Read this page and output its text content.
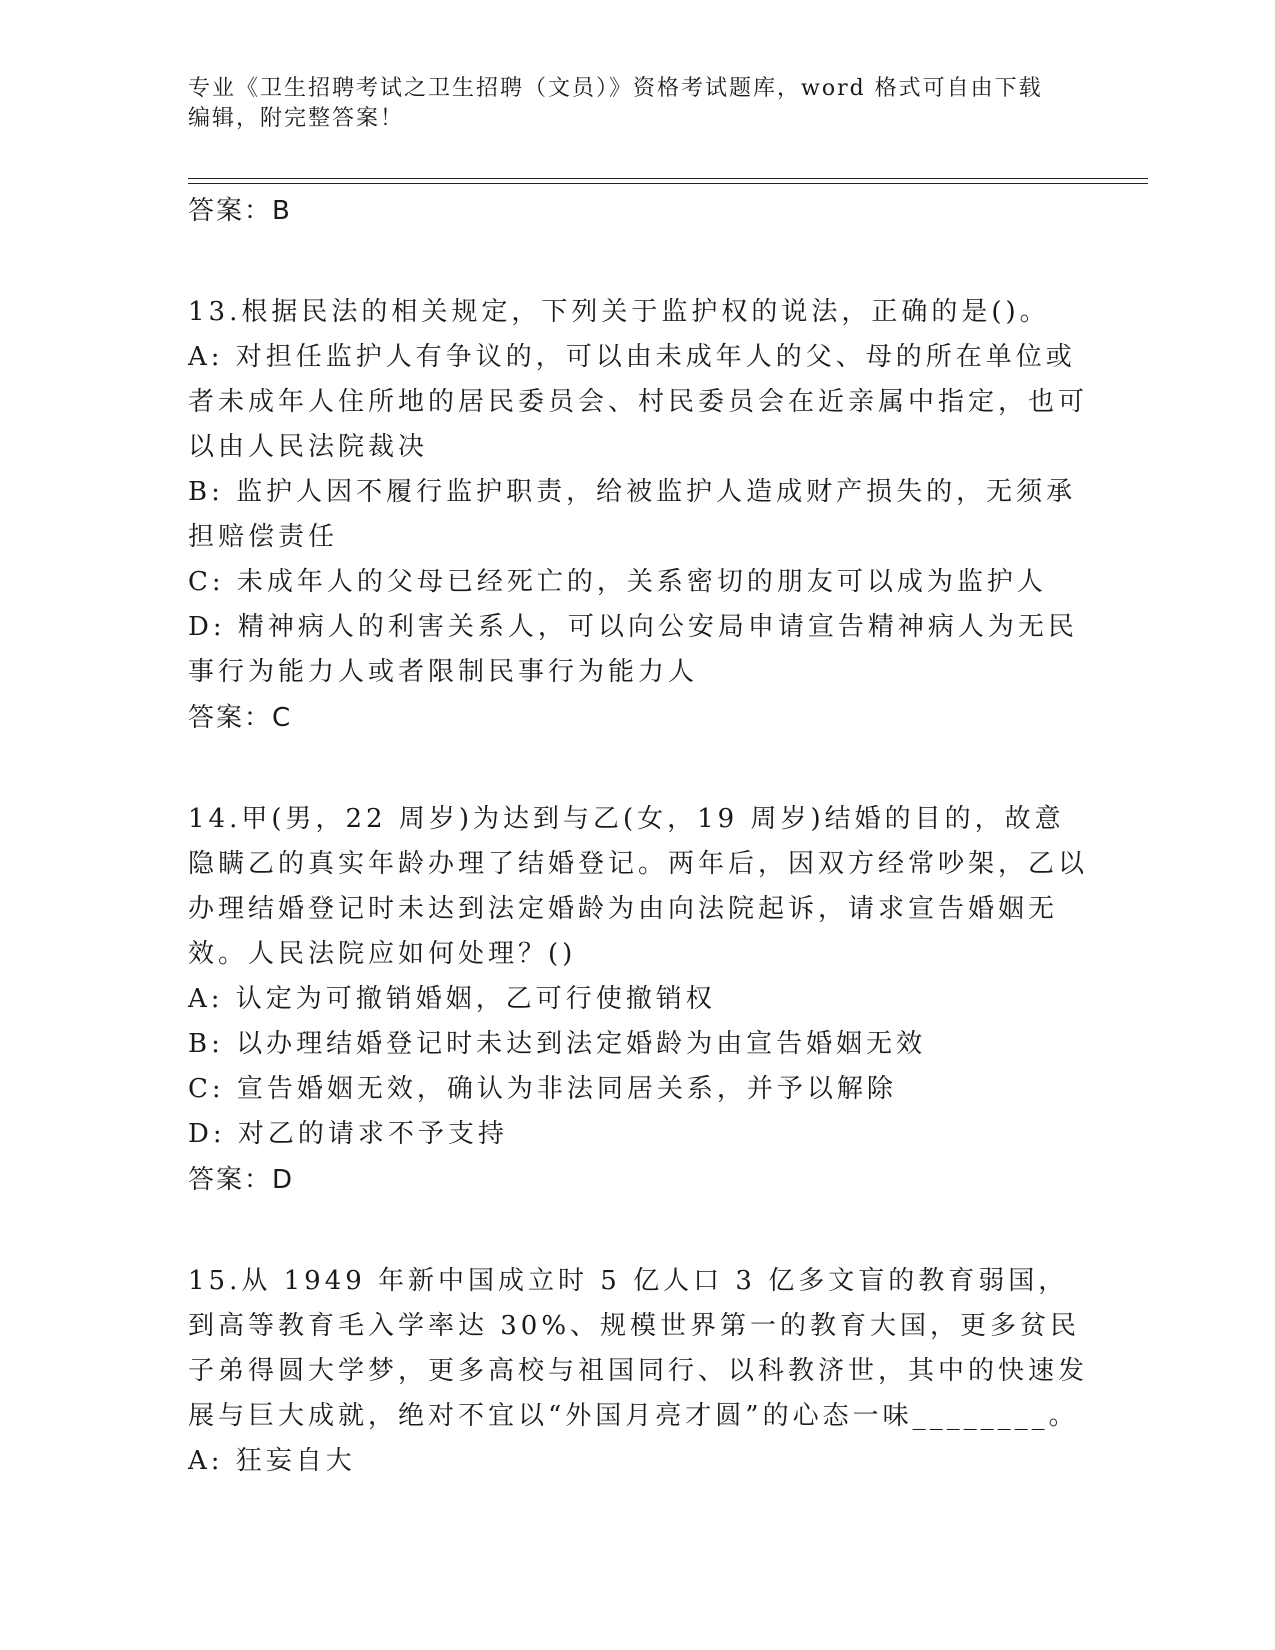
专业《卫生招聘考试之卫生招聘（文员）》资格考试题库，word 格式可自由下载
编辑，附完整答案！
答案：B
13.根据民法的相关规定，下列关于监护权的说法，正确的是()。
A: 对担任监护人有争议的，可以由未成年人的父、母的所在单位或者未成年人住所地的居民委员会、村民委员会在近亲属中指定，也可以由人民法院裁决
B: 监护人因不履行监护职责，给被监护人造成财产损失的，无须承担赔偿责任
C: 未成年人的父母已经死亡的，关系密切的朋友可以成为监护人
D: 精神病人的利害关系人，可以向公安局申请宣告精神病人为无民事行为能力人或者限制民事行为能力人
答案：C
14.甲(男，22 周岁)为达到与乙(女，19 周岁)结婚的目的，故意隐瞒乙的真实年龄办理了结婚登记。两年后，因双方经常吵架，乙以办理结婚登记时未达到法定婚龄为由向法院起诉，请求宣告婚姻无效。人民法院应如何处理？()
A: 认定为可撤销婚姻，乙可行使撤销权
B: 以办理结婚登记时未达到法定婚龄为由宣告婚姻无效
C: 宣告婚姻无效，确认为非法同居关系，并予以解除
D: 对乙的请求不予支持
答案：D
15.从 1949 年新中国成立时 5 亿人口 3 亿多文盲的教育弱国，到高等教育毛入学率达 30%、规模世界第一的教育大国，更多贫民子弟得圆大学梦，更多高校与祖国同行、以科教济世，其中的快速发展与巨大成就，绝对不宜以“外国月亮才圆”的心态一味________。
A: 狂妄自大
